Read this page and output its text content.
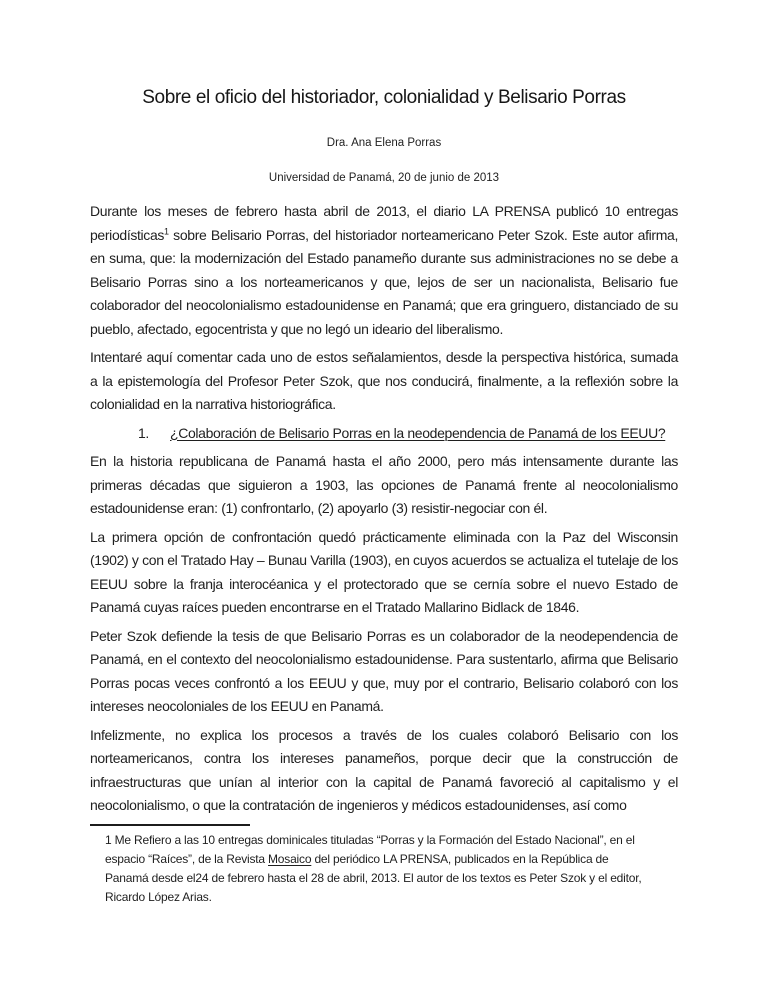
Sobre el oficio del historiador, colonialidad y Belisario Porras

Dra. Ana Elena Porras

Universidad de Panamá, 20 de junio de 2013

Durante los meses de febrero hasta abril de 2013, el diario LA PRENSA publicó 10 entregas periodísticas$^1$ sobre Belisario Porras, del historiador norteamericano Peter Szok. Este autor afirma, en suma, que: la modernización del Estado panameño durante sus administraciones no se debe a Belisario Porras sino a los norteamericanos y que, lejos de ser un nacionalista, Belisario fue colaborador del neocolonialismo estadounidense en Panamá; que era gringuero, distanciado de su pueblo, afectado, egocentrista y que no legó un ideario del liberalismo.

Intentaré aquí comentar cada uno de estos señalamientos, desde la perspectiva histórica, sumada a la epistemología del Profesor Peter Szok, que nos conducirá, finalmente, a la reflexión sobre la colonialidad en la narrativa historiográfica.

1. ¿Colaboración de Belisario Porras en la neodependencia de Panamá de los EEUU?

En la historia republicana de Panamá hasta el año 2000, pero más intensamente durante las primeras décadas que siguieron a 1903, las opciones de Panamá frente al neocolonialismo estadounidense eran: (1) confrontarlo, (2) apoyarlo (3) resistir-negociar con él.

La primera opción de confrontación quedó prácticamente eliminada con la Paz del Wisconsin (1902) y con el Tratado Hay – Bunau Varilla (1903), en cuyos acuerdos se actualiza el tutelaje de los EEUU sobre la franja interocéanica y el protectorado que se cernía sobre el nuevo Estado de Panamá cuyas raíces pueden encontrarse en el Tratado Mallarino Bidlack de 1846.

Peter Szok defiende la tesis de que Belisario Porras es un colaborador de la neodependencia de Panamá, en el contexto del neocolonialismo estadounidense. Para sustentarlo, afirma que Belisario Porras pocas veces confrontó a los EEUU y que, muy por el contrario, Belisario colaboró con los intereses neocoloniales de los EEUU en Panamá.

Infelizmente, no explica los procesos a través de los cuales colaboró Belisario con los norteamericanos, contra los intereses panameños, porque decir que la construcción de infraestructuras que unían al interior con la capital de Panamá favoreció al capitalismo y el neocolonialismo, o que la contratación de ingenieros y médicos estadounidenses, así como

1 Me Refiero a las 10 entregas dominicales tituladas “Porras y la Formación del Estado Nacional”, en el espacio “Raíces”, de la Revista Mosaico del periódico LA PRENSA, publicados en la República de Panamá desde el24 de febrero hasta el 28 de abril, 2013. El autor de los textos es Peter Szok y el editor, Ricardo López Arias.
